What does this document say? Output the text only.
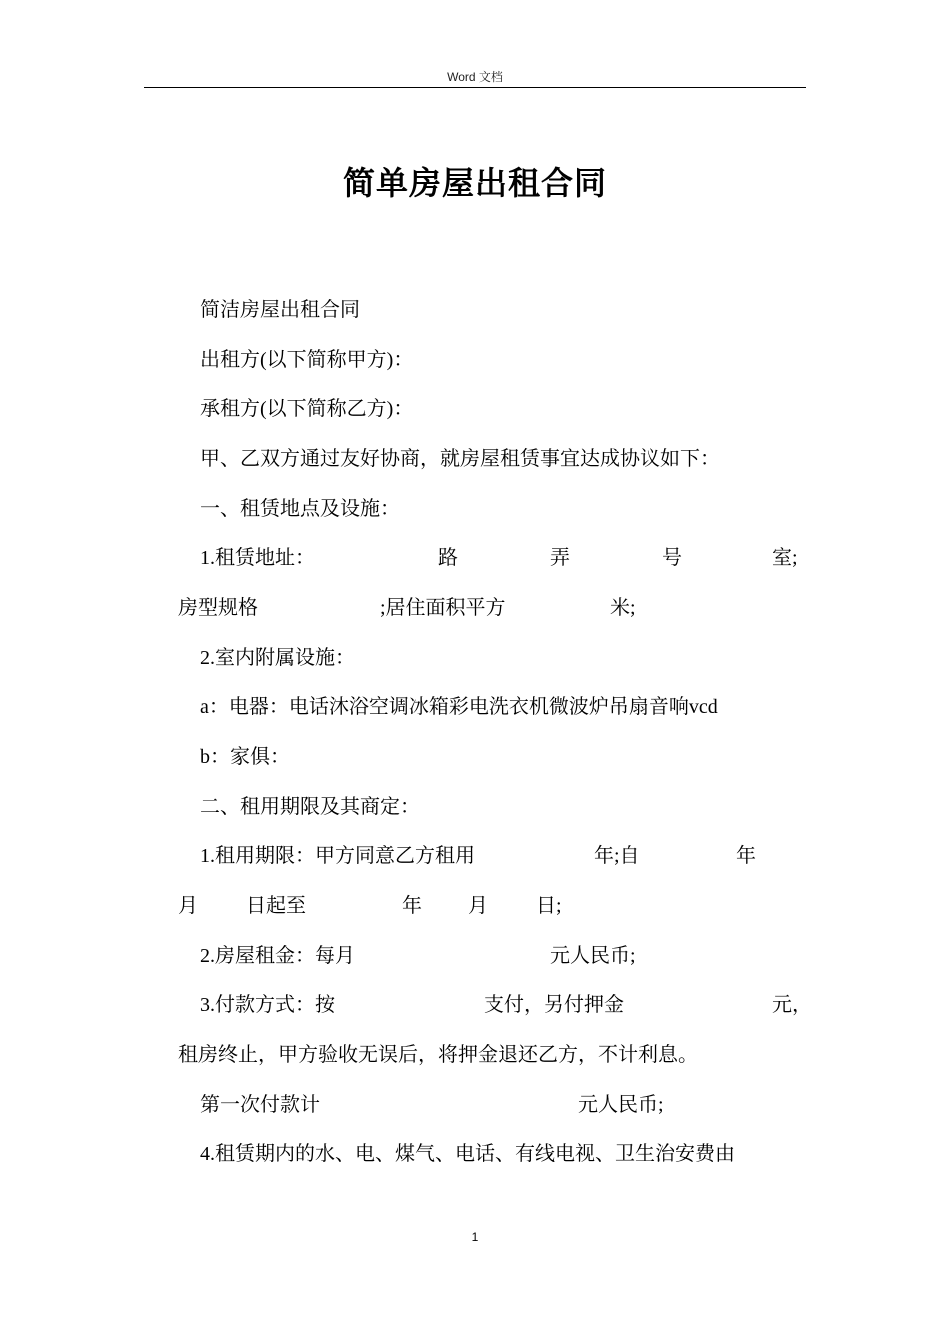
Word 文档
简单房屋出租合同
简洁房屋出租合同
出租方(以下简称甲方)：
承租方(以下简称乙方)：
甲、乙双方通过友好协商，就房屋租赁事宜达成协议如下：
一、租赁地点及设施：
1.租赁地址：	路	弄	号	室;
房型规格	;居住面积平方	米;
2.室内附属设施：
a：电器：电话沐浴空调冰箱彩电洗衣机微波炉吊扇音响vcd
b：家俱：
二、租用期限及其商定：
1.租用期限：甲方同意乙方租用	年;自	年
月 日起至	年 月 日;
2.房屋租金：每月	元人民币;
3.付款方式：按	支付，另付押金	元，
租房终止，甲方验收无误后，将押金退还乙方，不计利息。
第一次付款计	元人民币;
4.租赁期内的水、电、煤气、电话、有线电视、卫生治安费由
1
